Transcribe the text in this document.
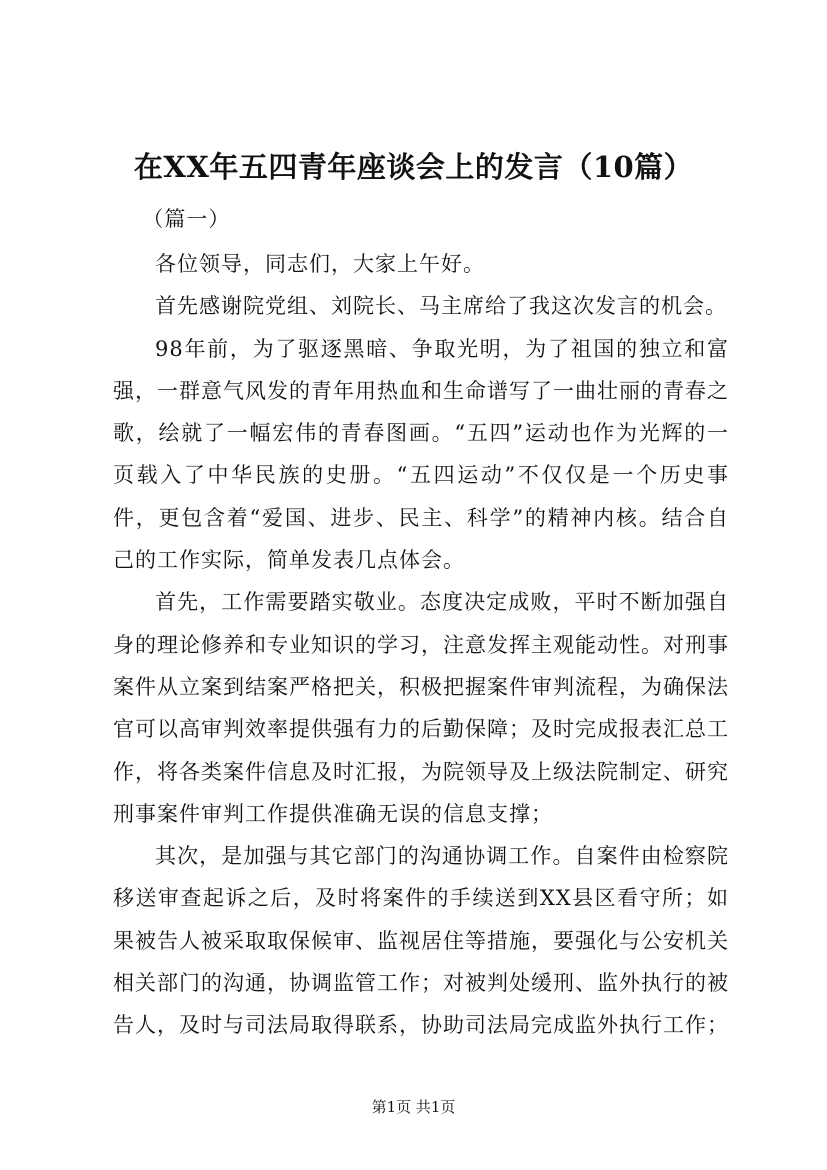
在XX年五四青年座谈会上的发言（10篇）

（篇一）

各位领导，同志们，大家上午好。

首先感谢院党组、刘院长、马主席给了我这次发言的机会。

98年前，为了驱逐黑暗、争取光明，为了祖国的独立和富强，一群意气风发的青年用热血和生命谱写了一曲壮丽的青春之歌，绘就了一幅宏伟的青春图画。“五四”运动也作为光辉的一页载入了中华民族的史册。“五四运动”不仅仅是一个历史事件，更包含着“爱国、进步、民主、科学”的精神内核。结合自己的工作实际，简单发表几点体会。

首先，工作需要踏实敬业。态度决定成败，平时不断加强自身的理论修养和专业知识的学习，注意发挥主观能动性。对刑事案件从立案到结案严格把关，积极把握案件审判流程，为确保法官可以高审判效率提供强有力的后勤保障；及时完成报表汇总工作，将各类案件信息及时汇报，为院领导及上级法院制定、研究刑事案件审判工作提供准确无误的信息支撑；

其次，是加强与其它部门的沟通协调工作。自案件由检察院移送审查起诉之后，及时将案件的手续送到XX县区看守所；如果被告人被采取取保候审、监视居住等措施，要强化与公安机关相关部门的沟通，协调监管工作；对被判处缓刑、监外执行的被告人，及时与司法局取得联系，协助司法局完成监外执行工作；

第1页 共1页
